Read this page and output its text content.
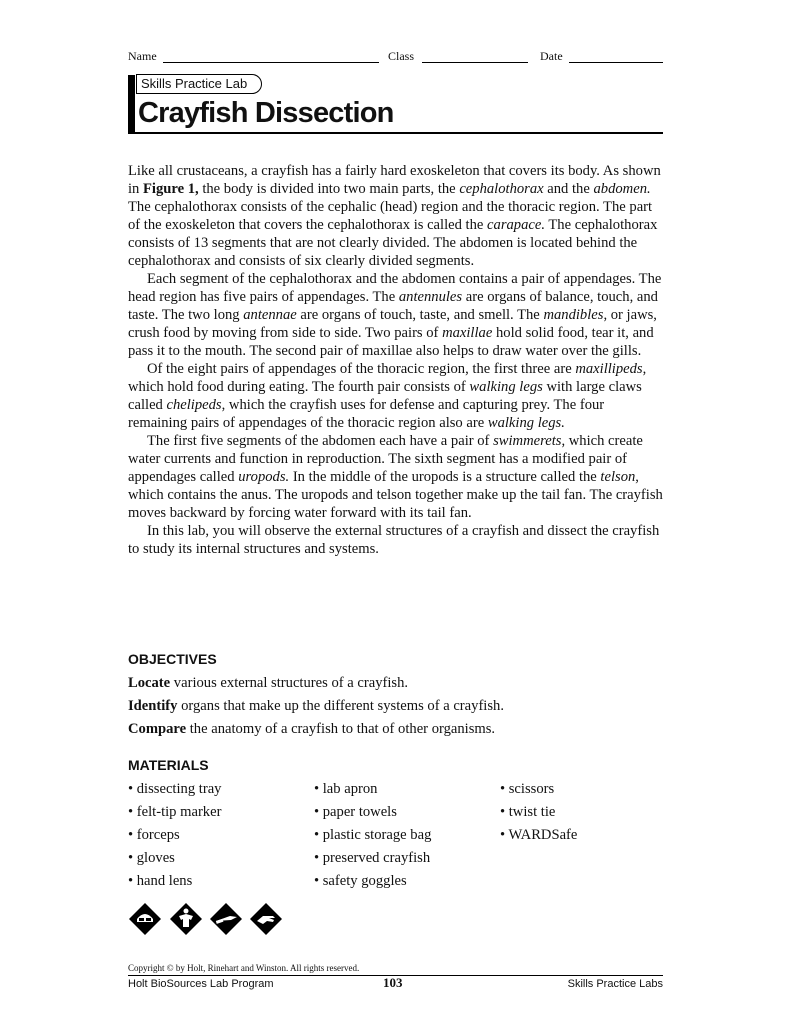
Name	Class	Date
Skills Practice Lab
Crayfish Dissection

Like all crustaceans, a crayfish has a fairly hard exoskeleton that covers its body. As shown in Figure 1, the body is divided into two main parts, the cephalothorax and the abdomen. The cephalothorax consists of the cephalic (head) region and the thoracic region. The part of the exoskeleton that covers the cephalothorax is called the carapace. The cephalothorax consists of 13 segments that are not clearly divided. The abdomen is located behind the cephalothorax and consists of six clearly divided segments.

Each segment of the cephalothorax and the abdomen contains a pair of appendages. The head region has five pairs of appendages. The antennules are organs of balance, touch, and taste. The two long antennae are organs of touch, taste, and smell. The mandibles, or jaws, crush food by moving from side to side. Two pairs of maxillae hold solid food, tear it, and pass it to the mouth. The second pair of maxillae also helps to draw water over the gills.

Of the eight pairs of appendages of the thoracic region, the first three are maxillipeds, which hold food during eating. The fourth pair consists of walking legs with large claws called chelipeds, which the crayfish uses for defense and capturing prey. The four remaining pairs of appendages of the thoracic region also are walking legs.

The first five segments of the abdomen each have a pair of swimmerets, which create water currents and function in reproduction. The sixth segment has a modified pair of appendages called uropods. In the middle of the uropods is a structure called the telson, which contains the anus. The uropods and telson together make up the tail fan. The crayfish moves backward by forcing water forward with its tail fan.

In this lab, you will observe the external structures of a crayfish and dissect the crayfish to study its internal structures and systems.

OBJECTIVES
Locate various external structures of a crayfish.
Identify organs that make up the different systems of a crayfish.
Compare the anatomy of a crayfish to that of other organisms.
MATERIALS
• dissecting tray
• felt-tip marker
• forceps
• gloves
• hand lens
• lab apron
• paper towels
• plastic storage bag
• preserved crayfish
• safety goggles
• scissors
• twist tie
• WARDSafe
Copyright © by Holt, Rinehart and Winston. All rights reserved.
Holt BioSources Lab Program	103	Skills Practice Labs
